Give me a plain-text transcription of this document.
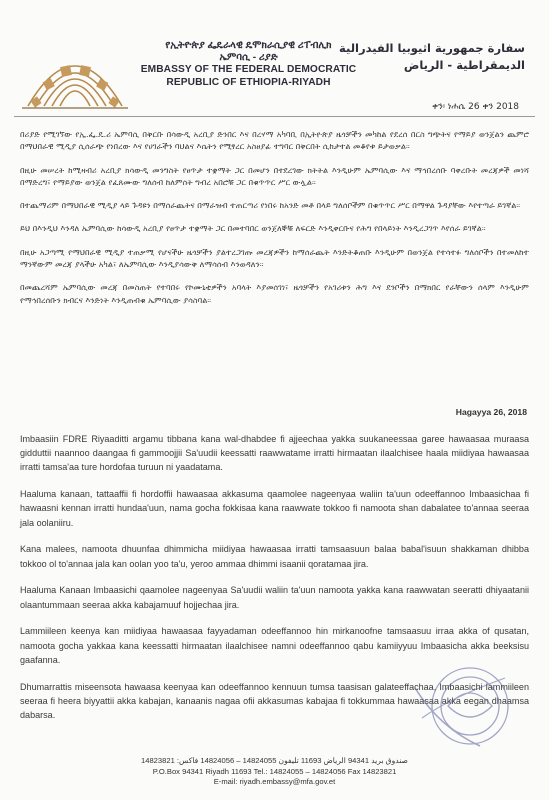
የኢትዮጵያ ፌዴራላዊ ዴሞክራሲያዊ ሪፐብሊክ
ኤምባሲ - ሪያድ
EMBASSY OF THE FEDERAL DEMOCRATIC
REPUBLIC OF ETHIOPIA-RIYADH
سفارة جمهورية اثيوبيا الفيدرالية
الديمقراطية - الرياض
ቀን፡ ነሐሴ 26 ቀን 2018

በሪያድ የሚገኘው የኢ.ፌ.ዴ.ሪ ኤምባሲ በቅርቡ በሳውዲ አረቢያ ድንበር እና በረሃማ አካባቢ በኢትዮጵያ ዜጎቻችን መካከል የደረሰ በርስ ግጭትና የማይያ ወንጀልን ጨምሮ በማህበራዊ ሚዲያ ሲሰራጭ የነበረው እና የሀገራችን ባህልና እሴትን የሚፃረር አስፀያፊ ተግባር በቅርበት ሲከታተል መቆየቱ ይታወቃል።

በዚሁ መሠረት ከሚዛብሪ አረቢያ ክሳውዲ መንግስት የፀጥታ ተቋማት ጋር በመሆን በተደረገው ክትትል እንዲሁም ኤምባሲው እና ማኅበረሰቡ ባቀረቡት መረጃዎች መነሻ በማድረግ፣ የማይያው ወንጀል የፈጸሙው ግለሰብ ከለምሰት ግብረ አበሮቹ ጋር በቁጥጥር ሥር ውሏል።

በተጨማሪም በማህበራዊ ሚዲያ ላይ ጉዳዩን በማሰራጨትና በማራዝብ ተጠርጣሪ የነበሩ ከአንድ መቶ በላይ ግለሰቦችም በቁጥጥር ሥር በማዋል ጉዳያቸው እየተጣራ ይገኛል።

ይህ በእንዲህ እንዳለ ኤምባሲው ከሳውዲ አረቢያ የፀጥታ ተቋማት ጋር በመተባበር ወንጀለኞቹ ለፍርድ እንዲቀርቡና የሕግ የበላይነት እንዲረጋገጥ እየሰራ ይገኛል።

በዚሁ አጋጣሚ የማህበራዊ ሚዲያ ተጠቃሚ የሆናችሁ ዜጎቻችን ያልተረጋገጡ መረጃዎችን ከማሰራጨት እንድትቆጠቡ እንዲሁም በወንጀል የተሳተፉ ግለሰቦችን በተመለከተ ማንኛውም መረጃ ያላችሁ አካል፣ ለኤምባሲው እንዲያሳውቅ ለማሳሰብ እንወዳለን።

በመጨረሻም ኤምባሲው መረጃ በመስጠት የተባበሩ የኮሙኒቲዎችን አባላት እያመሰገነ፣ ዜጎቻችን የአገሪቱን ሕግ እና ደንቦችን በማክበር የራቸውን ሰላም እንዲሁም የማኅበረሰቡን ክብርና እንድነት እንዲጠብቁ ኤምባሲው ያሳስባል።

Hagayya 26, 2018

Imbaasiin FDRE Riyaaditti argamu tibbana kana wal-dhabdee fi ajjeechaa yakka suukaneessaa garee hawaasaa muraasa gidduttii naannoo daangaa fi gammoojjii Sa'uudii keessatti raawwatame irratti hirmaatan ilaalchisee haala miidiyaa hawaasaa irratti tamsa'aa ture hordofaa turuun ni yaadatama.

Haaluma kanaan, tattaaffii fi hordoffii hawaasaa akkasuma qaamolee nageenyaa waliin ta'uun odeeffannoo Imbaasichaa fi hawaasni kennan irratti hundaa'uun, nama gocha fokkisaa kana raawwate tokkoo fi namoota shan dabalatee to'annaa seeraa jala oolaniiru.

Kana malees, namoota dhuunfaa dhimmicha miidiyaa hawaasaa irratti tamsaasuun balaa babal'isuun shakkaman dhibba tokkoo ol to'annaa jala kan oolan yoo ta'u, yeroo ammaa dhimmi isaanii qoratamaa jira.

Haaluma Kanaan Imbaasichi qaamolee nageenyaa Sa'uudii waliin ta'uun namoota yakka kana raawwatan seeratti dhiyaatanii olaantummaan seeraa akka kabajamuuf hojjechaa jira.

Lammiileen keenya kan miidiyaa hawaasaa fayyadaman odeeffannoo hin mirkanoofne tamsaasuu irraa akka of qusatan, namoota gocha yakkaa kana keessatti hirmaatan ilaalchisee namni odeeffannoo qabu kamiiyyuu Imbaasicha akka beeksisu gaafanna.

Dhumarrattis miseensota hawaasa keenyaa kan odeeffannoo kennuun tumsa taasisan galateeffachaa, Imbaasichi lammiileen seeraa fi heera biyyattii akka kabajan, kanaanis nagaa ofii akkasumas kabajaa fi tokkummaa hawaasaa akka eegan dhaamsa dabarsa.

صندوق بريد 94341 الرياض 11693 تليفون 14824055 – 14824056 فاكس: 14823821
P.O.Box 94341 Riyadh 11693 Tel.: 14824055 – 14824056 Fax 14823821
E-mail: riyadh.embassy@mfa.gov.et
